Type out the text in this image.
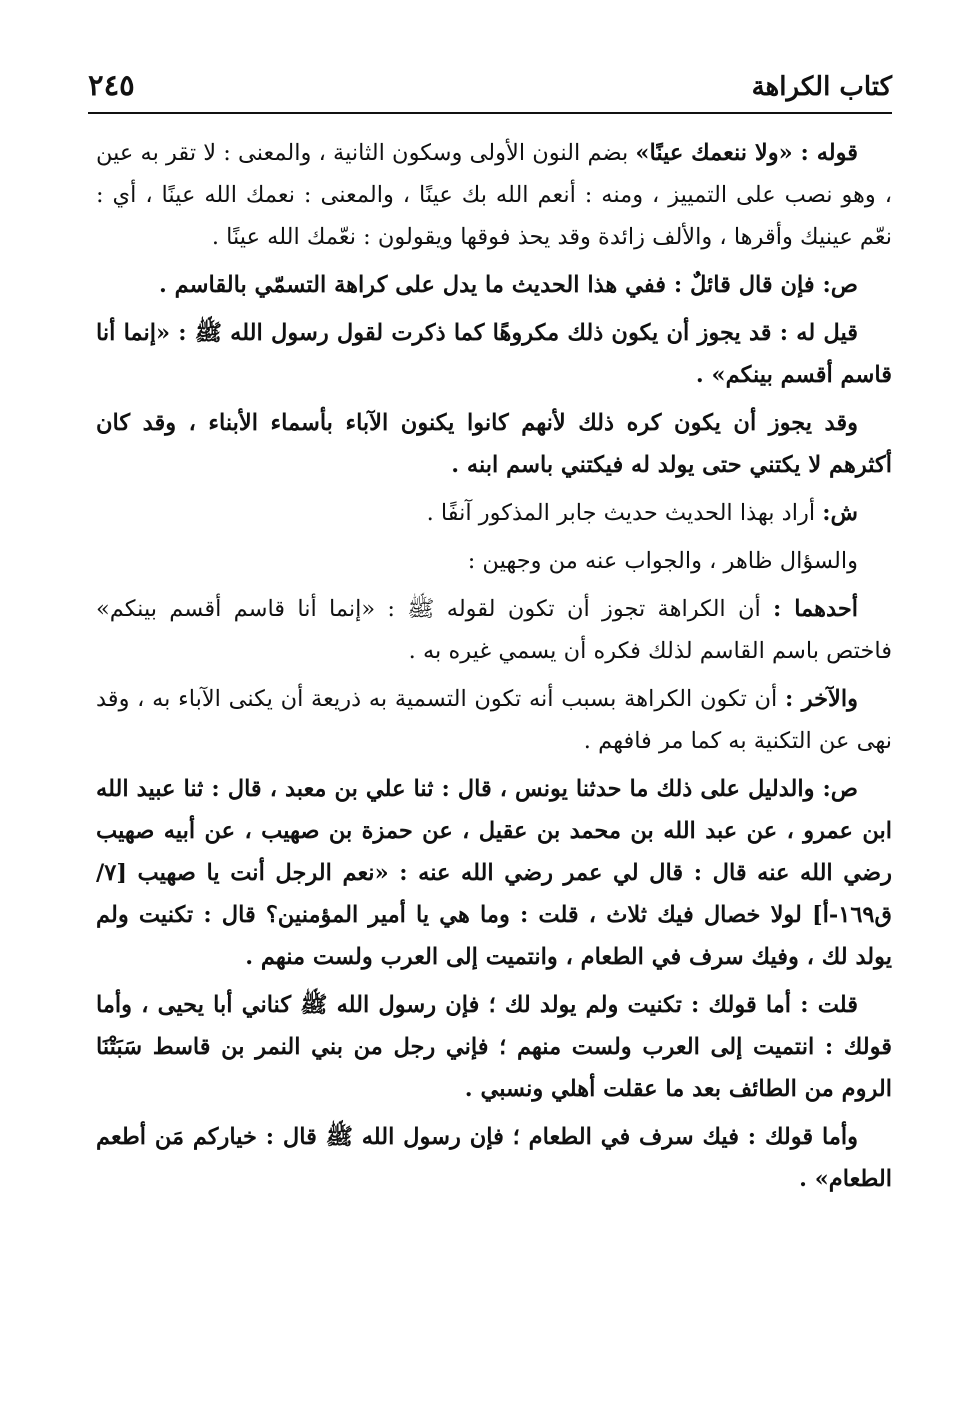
كتاب الكراهة
٢٤٥

قوله : «ولا ننعمك عينًا» بضم النون الأولى وسكون الثانية ، والمعنى : لا تقر به عين ، وهو نصب على التمييز ، ومنه : أنعم الله بك عينًا ، والمعنى : نعمك الله عينًا ، أي : نعّم عينيك وأقرها ، والألف زائدة وقد يحذ فوقها ويقولون : نعّمك الله عينًا .

ص: فإن قال قائلٌ : ففي هذا الحديث ما يدل على كراهة التسمّي بالقاسم .

قيل له : قد يجوز أن يكون ذلك مكروهًا كما ذكرت لقول رسول الله ﷺ : «إنما أنا قاسم أقسم بينكم» .

وقد يجوز أن يكون كره ذلك لأنهم كانوا يكنون الآباء بأسماء الأبناء ، وقد كان أكثرهم لا يكتني حتى يولد له فيكتني باسم ابنه .

ش: أراد بهذا الحديث حديث جابر المذكور آنفًا .

والسؤال ظاهر ، والجواب عنه من وجهين :

أحدهما : أن الكراهة تجوز أن تكون لقوله ﷺ : «إنما أنا قاسم أقسم بينكم» فاختص باسم القاسم لذلك فكره أن يسمي غيره به .

والآخر : أن تكون الكراهة بسبب أنه تكون التسمية به ذريعة أن يكنى الآباء به ، وقد نهى عن التكنية به كما مر فافهم .

ص: والدليل على ذلك ما حدثنا يونس ، قال : ثنا علي بن معبد ، قال : ثنا عبيد الله ابن عمرو ، عن عبد الله بن محمد بن عقيل ، عن حمزة بن صهيب ، عن أبيه صهيب رضي الله عنه قال : قال لي عمر رضي الله عنه : «نعم الرجل أنت يا صهيب [٧/ ق١٦٩-أ] لولا خصال فيك ثلاث ، قلت : وما هي يا أمير المؤمنين؟ قال : تكنيت ولم يولد لك ، وفيك سرف في الطعام ، وانتميت إلى العرب ولست منهم .

قلت : أما قولك : تكنيت ولم يولد لك ؛ فإن رسول الله ﷺ كناني أبا يحيى ، وأما قولك : انتميت إلى العرب ولست منهم ؛ فإني رجل من بني النمر بن قاسط سَبَتْنَا الروم من الطائف بعد ما عقلت أهلي ونسبي .

وأما قولك : فيك سرف في الطعام ؛ فإن رسول الله ﷺ قال : خياركم مَن أطعم الطعام» .
